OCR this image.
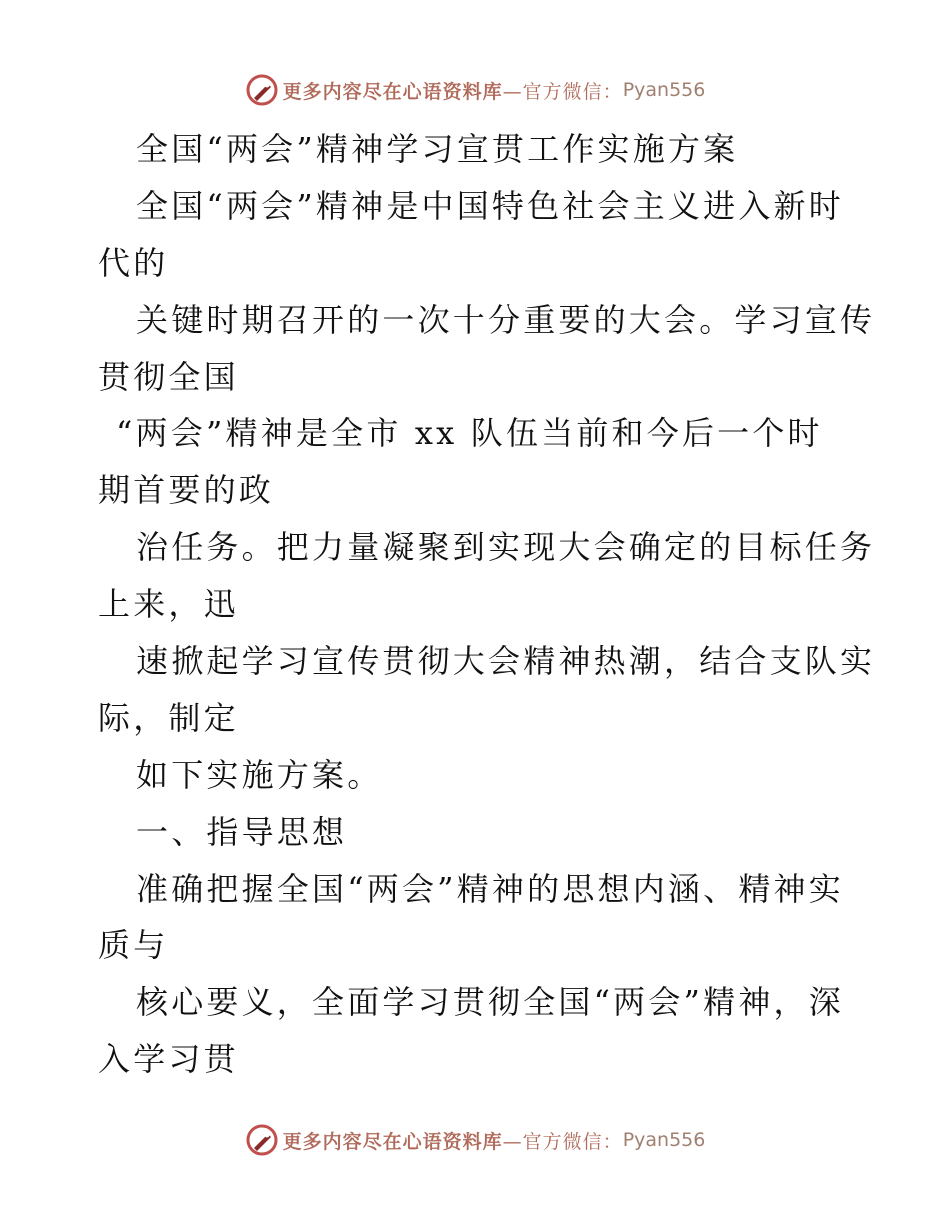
更多内容尽在心语资料库 —官方微信： Pyan556
全国“两会”精神学习宣贯工作实施方案
全国“两会”精神是中国特色社会主义进入新时
代的
关键时期召开的一次十分重要的大会。学习宣传
贯彻全国
“两会”精神是全市 xx 队伍当前和今后一个时
期首要的政
治任务。把力量凝聚到实现大会确定的目标任务
上来，迅
速掀起学习宣传贯彻大会精神热潮，结合支队实
际，制定
如下实施方案。
一、指导思想
准确把握全国“两会”精神的思想内涵、精神实
质与
核心要义，全面学习贯彻全国“两会”精神，深
入学习贯
更多内容尽在心语资料库 —官方微信： Pyan556
